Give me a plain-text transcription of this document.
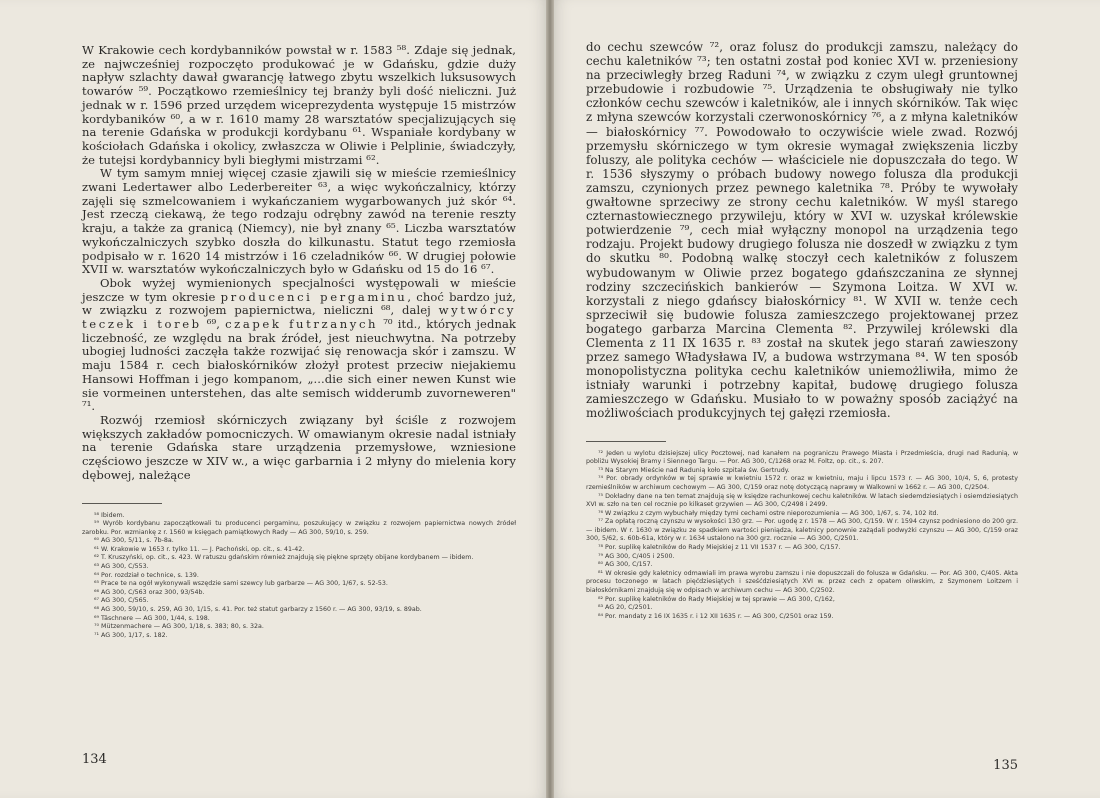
W Krakowie cech kordybanników powstał w r. 1583 ⁵⁸. Zdaje się jednak, ze najwcześniej rozpoczęto produkować je w Gdańsku, gdzie duży napływ szlachty dawał gwarancję łatwego zbytu wszelkich luksusowych towarów ⁵⁹. Początkowo rzemieślnicy tej branży byli dość nieliczni. Już jednak w r. 1596 przed urzędem wiceprezydenta występuje 15 mistrzów kordybaników ⁶⁰, a w r. 1610 mamy 28 warsztatów specjalizujących się na terenie Gdańska w produkcji kordybanu ⁶¹. Wspaniałe kordybany w kościołach Gdańska i okolicy, zwłaszcza w Oliwie i Pelplinie, świadczyły, że tutejsi kordybannicy byli biegłymi mistrzami ⁶².

W tym samym mniej więcej czasie zjawili się w mieście rzemieślnicy zwani Ledertawer albo Lederbereiter ⁶³, a więc wykończalnicy, którzy zajęli się szmelcowaniem i wykańczaniem wygarbowanych już skór ⁶⁴. Jest rzeczą ciekawą, że tego rodzaju odrębny zawód na terenie reszty kraju, a także za granicą (Niemcy), nie był znany ⁶⁵. Liczba warsztatów wykończalniczych szybko doszła do kilkunastu. Statut tego rzemiosła podpisało w r. 1620 14 mistrzów i 16 czeladników ⁶⁶. W drugiej połowie XVII w. warsztatów wykończalniczych było w Gdańsku od 15 do 16 ⁶⁷.

Obok wyżej wymienionych specjalności występowali w mieście jeszcze w tym okresie producenci pergaminu, choć bardzo już, w związku z rozwojem papiernictwa, nieliczni ⁶⁸, dalej wytwórcy teczek i toreb ⁶⁹, czapek futrzanych ⁷⁰ itd., których jednak liczebność, ze względu na brak źródeł, jest nieuchwytna. Na potrzeby ubogiej ludności zaczęła także rozwijać się renowacja skór i zamszu. W maju 1584 r. cech białoskórników złożył protest przeciw niejakiemu Hansowi Hoffman i jego kompanom, „...die sich einer newen Kunst wie sie vormeinen unterstehen, das alte semisch widderumb zuvorneweren" ⁷¹.

Rozwój rzemiosł skórniczych związany był ściśle z rozwojem większych zakładów pomocniczych. W omawianym okresie nadal istniały na terenie Gdańska stare urządzenia przemysłowe, wzniesione częściowo jeszcze w XIV w., a więc garbarnia i 2 młyny do mielenia kory dębowej, należące

⁵⁸ Ibidem.
⁵⁹ Wyrób kordybanu zapoczątkowali tu producenci pergaminu, poszukujący w związku z rozwojem papiernictwa nowych źródeł zarobku. Por. wzmiankę z r. 1560 w księgach pamiątkowych Rady — AG 300, 59/10, s. 259.
⁶⁰ AG 300, 5/11, s. 7b-8a.
⁶¹ W. Krakowie w 1653 r. tylko 11. — J. Pachoński, op. cit., s. 41-42.
⁶² T. Kruszyński, op. cit., s. 423. W ratuszu gdańskim również znajdują się piękne sprzęty obijane kordybanem — ibidem.
⁶³ AG 300, C/553.
⁶⁴ Por. rozdział o technice, s. 139.
⁶⁵ Prace te na ogół wykonywali wszędzie sami szewcy lub garbarze — AG 300, 1/67, s. 52-53.
⁶⁶ AG 300, C/563 oraz 300, 93/54b.
⁶⁷ AG 300, C/565.
⁶⁸ AG 300, 59/10, s. 259, AG 30, 1/15, s. 41. Por. też statut garbarzy z 1560 r. — AG 300, 93/19, s. 89ab.
⁶⁹ Täschnere — AG 300, 1/44, s. 198.
⁷⁰ Mützenmachere — AG 300, 1/18, s. 383; 80, s. 32a.
⁷¹ AG 300, 1/17, s. 182.
134

do cechu szewców ⁷², oraz folusz do produkcji zamszu, należący do cechu kaletników ⁷³; ten ostatni został pod koniec XVI w. przeniesiony na przeciwległy brzeg Raduni ⁷⁴, w związku z czym uległ gruntownej przebudowie i rozbudowie ⁷⁵. Urządzenia te obsługiwały nie tylko członków cechu szewców i kaletników, ale i innych skórników. Tak więc z młyna szewców korzystali czerwonoskórnicy ⁷⁶, a z młyna kaletników — białoskórnicy ⁷⁷. Powodowało to oczywiście wiele zwad. Rozwój przemysłu skórniczego w tym okresie wymagał zwiększenia liczby foluszy, ale polityka cechów — właściciele nie dopuszczała do tego. W r. 1536 słyszymy o próbach budowy nowego folusza dla produkcji zamszu, czynionych przez pewnego kaletnika ⁷⁸. Próby te wywołały gwałtowne sprzeciwy ze strony cechu kaletników. W myśl starego czternastowiecznego przywileju, który w XVI w. uzyskał królewskie potwierdzenie ⁷⁹, cech miał wyłączny monopol na urządzenia tego rodzaju. Projekt budowy drugiego folusza nie doszedł w związku z tym do skutku ⁸⁰. Podobną walkę stoczył cech kaletników z foluszem wybudowanym w Oliwie przez bogatego gdańszczanina ze słynnej rodziny szczecińskich bankierów — Szymona Loitza. W XVI w. korzystali z niego gdańscy białoskórnicy ⁸¹. W XVII w. tenże cech sprzeciwił się budowie folusza zamieszczego projektowanej przez bogatego garbarza Marcina Clementa ⁸². Przywilej królewski dla Clementa z 11 IX 1635 r. ⁸³ został na skutek jego starań zawieszony przez samego Władysława IV, a budowa wstrzymana ⁸⁴. W ten sposób monopolistyczna polityka cechu kaletników uniemożliwiła, mimo że istniały warunki i potrzebny kapitał, budowę drugiego folusza zamieszczego w Gdańsku. Musiało to w poważny sposób zaciążyć na możliwościach produkcyjnych tej gałęzi rzemiosła.

⁷² Jeden u wylotu dzisiejszej ulicy Pocztowej, nad kanałem na pograniczu Prawego Miasta i Przedmieścia, drugi nad Radunią, w pobliżu Wysokiej Bramy i Siennego Targu. — Por. AG 300, C/1268 oraz M. Foltz, op. cit., s. 207.
⁷³ Na Starym Mieście nad Radunią koło szpitala św. Gertrudy.
⁷⁴ Por. obrady ordynków w tej sprawie w kwietniu 1572 r. oraz w kwietniu, maju i lipcu 1573 r. — AG 300, 10/4, 5, 6, protesty rzemieślników w archiwum cechowym — AG 300, C/159 oraz notę dotyczącą naprawy w Walkowni w 1662 r. — AG 300, C/2504.
⁷⁵ Dokładny dane na ten temat znajdują się w księdze rachunkowej cechu kaletników. W latach siedemdziesiątych i osiemdziesiątych XVI w. szło na ten cel rocznie po kilkaset grzywien — AG 300, C/2498 i 2499.
⁷⁶ W związku z czym wybuchały między tymi cechami ostre nieporozumienia — AG 300, 1/67, s. 74, 102 itd.
⁷⁷ Za opłatą roczną czynszu w wysokości 130 grz. — Por. ugodę z r. 1578 — AG 300, C/159. W r. 1594 czynsz podniesiono do 200 grz. — ibidem. W r. 1630 w związku ze spadkiem wartości pieniądza, kaletnicy ponownie zażądali podwyżki czynszu — AG 300, C/159 oraz 300, 5/62, s. 60b-61a, który w r. 1634 ustalono na 300 grz. rocznie — AG 300, C/2501.
⁷⁸ Por. suplikę kaletników do Rady Miejskiej z 11 VII 1537 r. — AG 300, C/157.
⁷⁹ AG 300, C/405 i 2500.
⁸⁰ AG 300, C/157.
⁸¹ W okresie gdy kaletnicy odmawiali im prawa wyrobu zamszu i nie dopuszczali do folusza w Gdańsku. — Por. AG 300, C/405. Akta procesu toczonego w latach pięćdziesiątych i sześćdziesiątych XVI w. przez cech z opatem oliwskim, z Szymonem Loitzem i białoskórnikami znajdują się w odpisach w archiwum cechu — AG 300, C/2502.
⁸² Por. suplikę kaletników do Rady Miejskiej w tej sprawie — AG 300, C/162,
⁸³ AG 20, C/2501.
⁸⁴ Por. mandaty z 16 IX 1635 r. i 12 XII 1635 r. — AG 300, C/2501 oraz 159.
135
